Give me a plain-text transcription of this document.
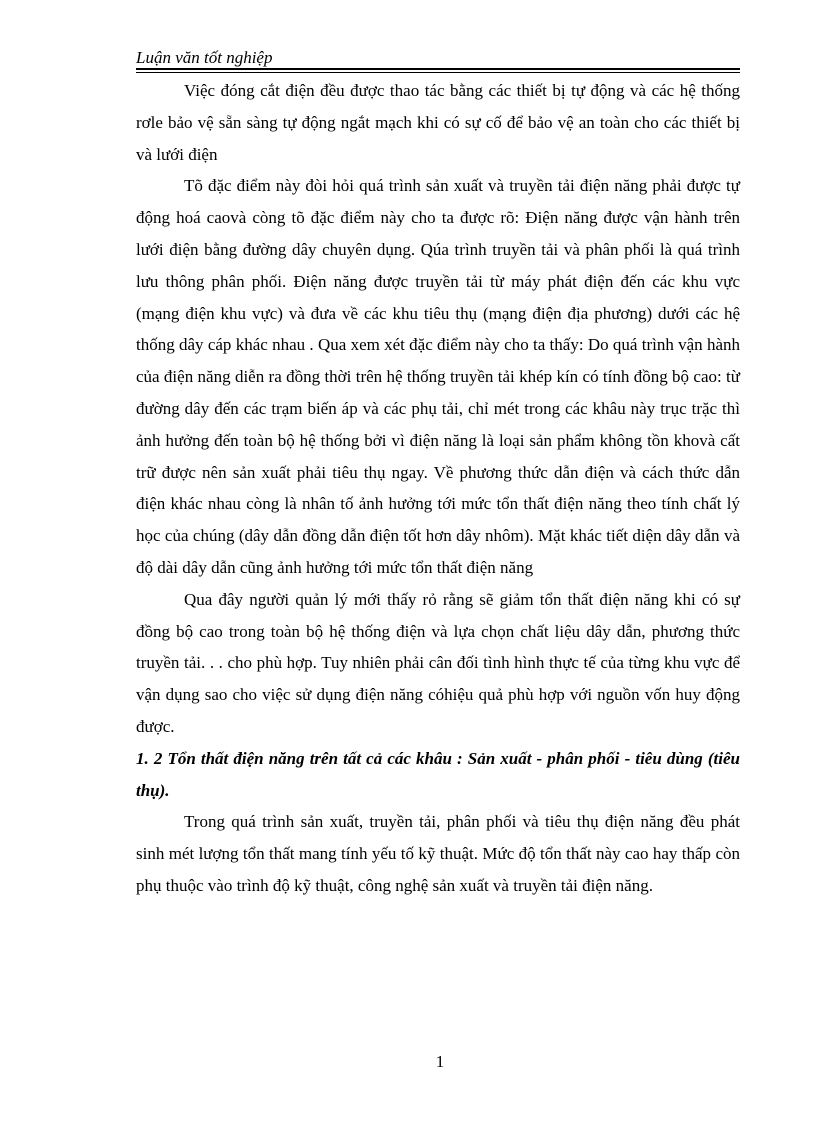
Luận văn tốt nghiệp

Việc đóng cắt điện đều được thao tác bằng các thiết bị tự động và các hệ thống rơle bảo vệ sẵn sàng tự động ngắt mạch khi có sự cố để bảo vệ an toàn cho các thiết bị và lưới điện

Tõ đặc điểm này đòi hỏi quá trình sản xuất và truyền tải điện năng phải được tự động hoá caovà còng tõ đặc điểm này cho ta được rõ: Điện năng được vận hành trên lưới điện bằng đường dây chuyên dụng. Qúa trình truyền tải và phân phối là quá trình lưu thông phân phối. Điện năng được truyền tải từ máy phát điện đến các khu vực (mạng điện khu vực) và đưa về các khu tiêu thụ (mạng điện địa phương) dưới các hệ thống dây cáp khác nhau . Qua xem xét đặc điểm này cho ta thấy: Do quá trình vận hành của điện năng diễn ra đồng thời trên hệ thống truyền tải khép kín có tính đồng bộ cao: từ đường dây đến các trạm biến áp và các phụ tải, chỉ mét trong các khâu này trục trặc thì ảnh hưởng đến toàn bộ hệ thống bởi vì điện năng là loại sản phẩm không tồn khovà cất trữ được nên sản xuất phải tiêu thụ ngay. Về phương thức dẫn điện và cách thức dẫn điện khác nhau còng là nhân tố ảnh hưởng tới mức tổn thất điện năng theo tính chất lý học của chúng (dây dẫn đồng dẫn điện tốt hơn dây nhôm). Mặt khác tiết diện dây dẫn và độ dài dây dẫn cũng ảnh hưởng tới mức tổn thất điện năng

Qua đây người quản lý mới thấy rỏ rằng sẽ giảm tổn thất điện năng khi có sự đồng bộ cao trong toàn bộ hệ thống điện và lựa chọn chất liệu dây dẫn, phương thức truyền tải. . . cho phù hợp. Tuy nhiên phải cân đối tình hình thực tế của từng khu vực để vận dụng sao cho việc sử dụng điện năng cóhiệu quả phù hợp với nguồn vốn huy động được.

1. 2 Tổn thất điện năng trên tất cả các khâu : Sản xuất - phân phối - tiêu dùng (tiêu thụ).

Trong quá trình sản xuất, truyền tải, phân phối và tiêu thụ điện năng đều phát sinh mét lượng tổn thất mang tính yếu tố kỹ thuật. Mức độ tổn thất này cao hay thấp còn phụ thuộc vào trình độ kỹ thuật, công nghệ sản xuất và truyền tải điện năng.

1
